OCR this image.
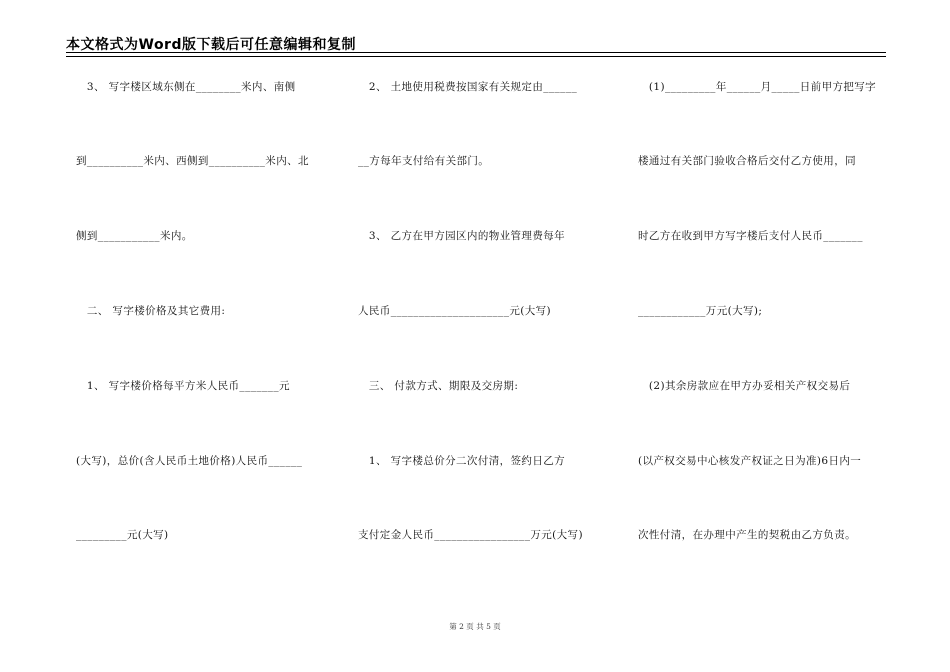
本文格式为Word版下载后可任意编辑和复制
　3、 写字楼区域东侧在________米内、南侧
到__________米内、西侧到__________米内、北
侧到___________米内。
　二、 写字楼价格及其它费用:
　1、 写字楼价格每平方米人民币_______元
(大写)，总价(含人民币土地价格)人民币______
_________元(大写)
　2、 土地使用税费按国家有关规定由______
__方每年支付给有关部门。
　3、 乙方在甲方园区内的物业管理费每年
人民币_____________________元(大写)
　三、 付款方式、期限及交房期:
　1、 写字楼总价分二次付清，签约日乙方
支付定金人民币_________________万元(大写)
　(1)_________年______月_____日前甲方把写字
楼通过有关部门验收合格后交付乙方使用，同
时乙方在收到甲方写字楼后支付人民币_______
____________万元(大写);
　(2)其余房款应在甲方办妥相关产权交易后
(以产权交易中心核发产权证之日为准)6日内一
次性付清，在办理中产生的契税由乙方负责。
第 2 页 共 5 页
